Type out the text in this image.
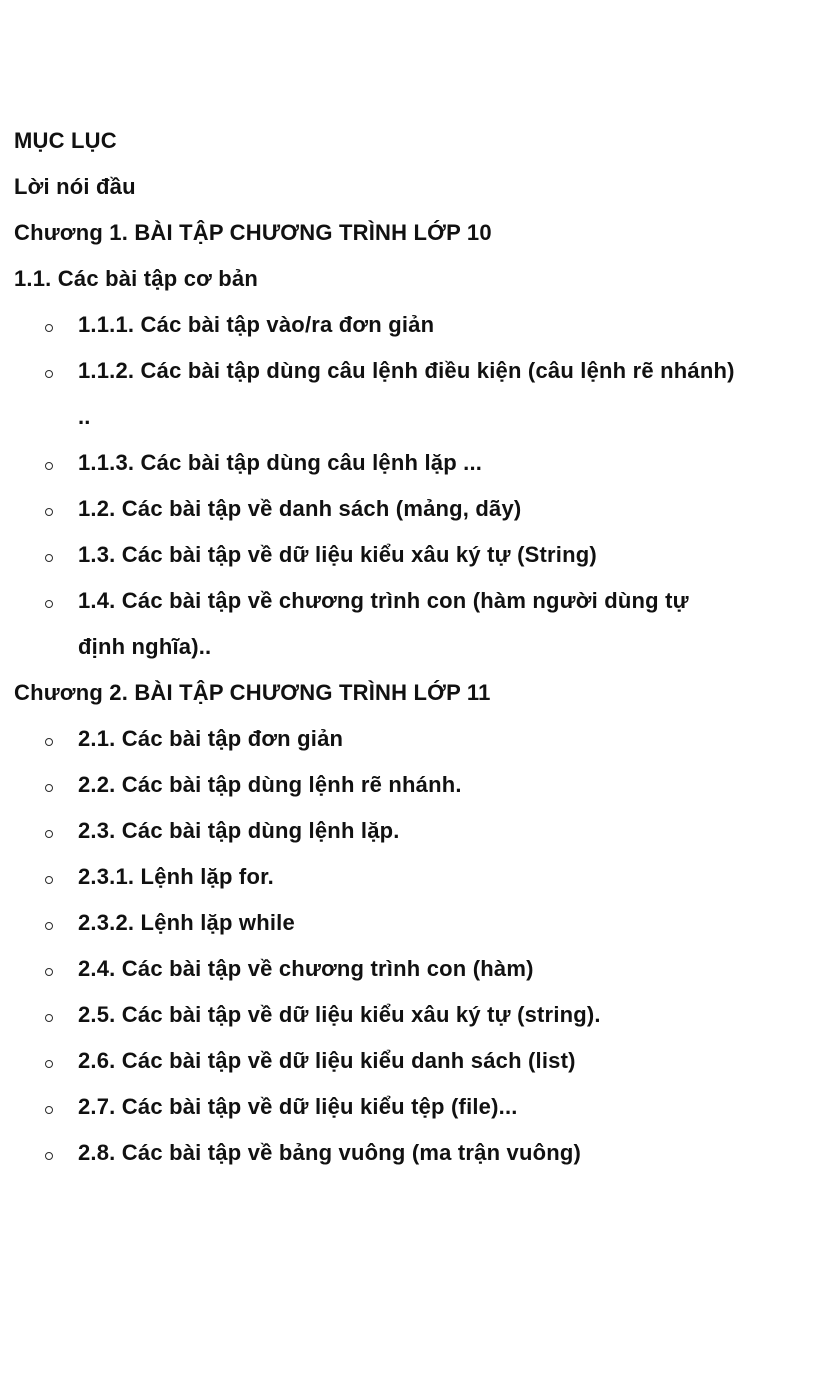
MỤC LỤC
Lời nói đầu
Chương 1. BÀI TẬP CHƯƠNG TRÌNH LỚP 10
1.1. Các bài tập cơ bản
1.1.1. Các bài tập vào/ra đơn giản
1.1.2. Các bài tập dùng câu lệnh điều kiện (câu lệnh rẽ nhánh)
..
1.1.3. Các bài tập dùng câu lệnh lặp ...
1.2. Các bài tập về danh sách (mảng, dãy)
1.3. Các bài tập về dữ liệu kiểu xâu ký tự (String)
1.4. Các bài tập về chương trình con (hàm người dùng tự
định nghĩa)..
Chương 2. BÀI TẬP CHƯƠNG TRÌNH LỚP 11
2.1. Các bài tập đơn giản
2.2. Các bài tập dùng lệnh rẽ nhánh.
2.3. Các bài tập dùng lệnh lặp.
2.3.1. Lệnh lặp for.
2.3.2. Lệnh lặp while
2.4. Các bài tập về chương trình con (hàm)
2.5. Các bài tập về dữ liệu kiểu xâu ký tự (string).
2.6. Các bài tập về dữ liệu kiểu danh sách (list)
2.7. Các bài tập về dữ liệu kiểu tệp (file)...
2.8. Các bài tập về bảng vuông (ma trận vuông)
